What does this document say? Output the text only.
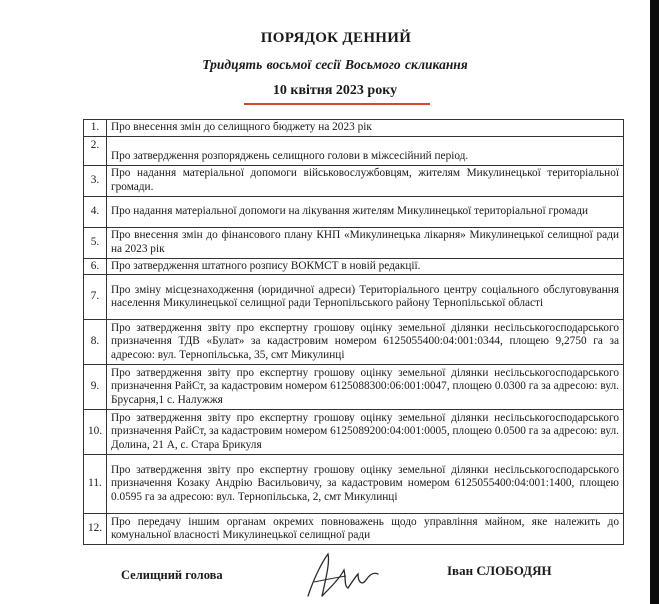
ПОРЯДОК ДЕННИЙ
Тридцять восьмої сесії Восьмого скликання
10 квітня 2023 року
1.	Про внесення змін до селищного бюджету на 2023 рік
2.	Про затвердження розпоряджень селищного голови в міжсесійний період.
3.	Про надання матеріальної допомоги військовослужбовцям, жителям Микулинецької територіальної громади.
4.	Про надання матеріальної допомоги на лікування жителям Микулинецької територіальної громади
5.	Про внесення змін до фінансового плану КНП «Микулинецька лікарня» Микулинецької селищної ради на 2023 рік
6.	Про затвердження штатного розпису ВОКМСТ в новій редакції.
7.	Про зміну місцезнаходження (юридичної адреси) Територіального центру соціального обслуговування населення Микулинецької селищної ради Тернопільського району Тернопільської області
8.	Про затвердження звіту про експертну грошову оцінку земельної ділянки несільськогосподарського призначення ТДВ «Булат» за кадастровим номером 6125055400:04:001:0344, площею 9,2750 га за адресою: вул. Тернопільська, 35, смт Микулинці
9.	Про затвердження звіту про експертну грошову оцінку земельної ділянки несільськогосподарського призначення РайСт, за кадастровим номером 6125088300:06:001:0047, площею 0.0300 га за адресою: вул. Брусарня,1 с. Налужжя
10.	Про затвердження звіту про експертну грошову оцінку земельної ділянки несільськогосподарського призначення РайСт, за кадастровим номером 6125089200:04:001:0005, площею 0.0500 га за адресою: вул. Долина, 21 А, с. Стара Брикуля
11.	Про затвердження звіту про експертну грошову оцінку земельної ділянки несільськогосподарського призначення Козаку Андрію Васильовичу, за кадастровим номером 6125055400:04:001:1400, площею 0.0595 га за адресою: вул. Тернопільська, 2, смт Микулинці
12.	Про передачу іншим органам окремих повноважень щодо управління майном, яке належить до комунальної власності Микулинецької селищної ради
Селищний голова	Іван СЛОБОДЯН
